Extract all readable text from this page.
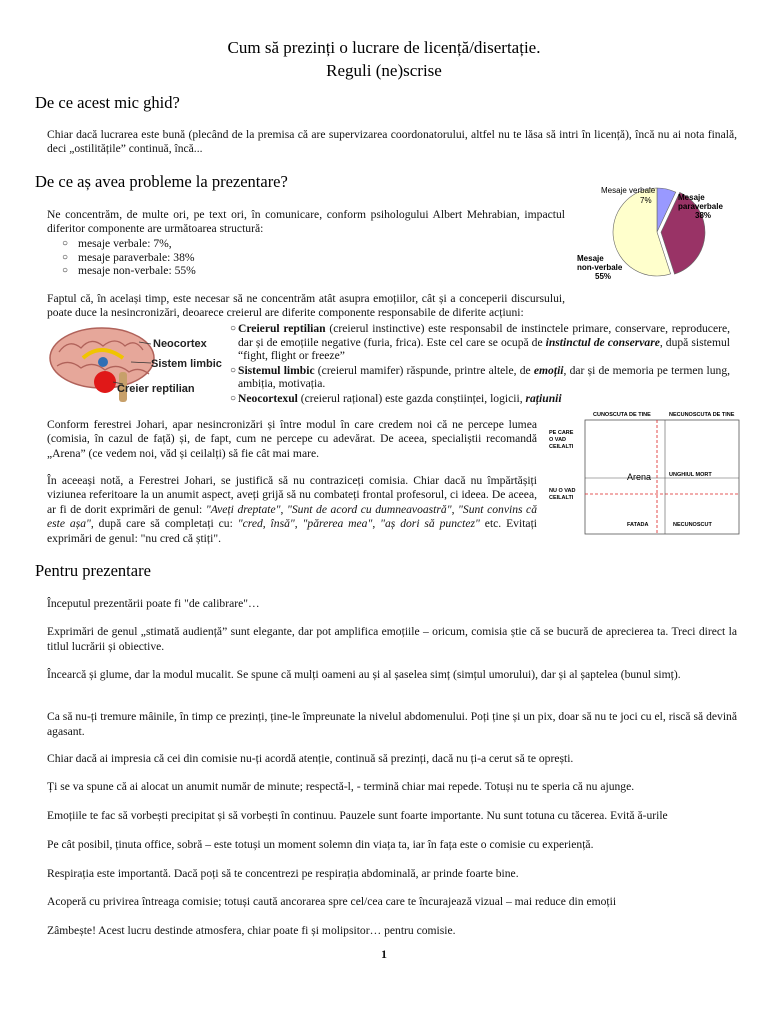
Cum să prezinți o lucrare de licență/disertație.
Reguli (ne)scrise
De ce acest mic ghid?
Chiar dacă lucrarea este bună (plecând de la premisa că are supervizarea coordonatorului, altfel nu te lăsa să intri în licență), încă nu ai nota finală, deci „ostilitățile” continuă, încă...
De ce aș avea probleme la prezentare?
Ne concentrăm, de multe ori, pe text ori, în comunicare, conform psihologului Albert Mehrabian, impactul diferitor componente are următoarea structură:
○ mesaje verbale: 7%,
○ mesaje paraverbale: 38%
○ mesaje non-verbale: 55%
Mesaje verbale 7%	Mesaje paraverbale 38%
Mesaje non-verbale 55%
Faptul că, în același timp, este necesar să ne concentrăm atât asupra emoțiilor, cât și a conceperii discursului, poate duce la nesincronizări, deoarece creierul are diferite componente responsabile de diferite acțiuni:
Neocortex
Sistem limbic
Creier reptilian
○ Creierul reptilian (creierul instinctive) este responsabil de instinctele primare, conservare, reproducere, dar și de emoțiile negative (furia, frica). Este cel care se ocupă de instinctul de conservare, după sistemul “fight, flight or freeze”
○ Sistemul limbic (creierul mamifer) răspunde, printre altele, de emoții, dar și de memoria pe termen lung, ambiția, motivația.
○ Neocortexul (creierul rațional) este gazda conștiinței, logicii, rațiunii
Conform ferestrei Johari, apar nesincronizări și între modul în care credem noi că ne percepe lumea (comisia, în cazul de față) și, de fapt, cum ne percepe cu adevărat. De aceea, specialiștii recomandă „Arena” (ce vedem noi, văd și ceilalți) să fie cât mai mare.
În aceeași notă, a Ferestrei Johari, se justifică să nu contraziceți comisia. Chiar dacă nu împărtășiți viziunea referitoare la un anumit aspect, aveți grijă să nu combateți frontal profesorul, ci ideea. De aceea, ar fi de dorit exprimări de genul: "Aveți dreptate", "Sunt de acord cu dumneavoastră", "Sunt convins că este așa", după care să completați cu: "cred, însă", "părerea mea", "aș dori să punctez" etc. Evitați exprimări de genul: "nu cred că știți".
CUNOSCUTA DE TINE	NECUNOSCUTA DE TINE
PE CARE O VAD CEILALTI
NU O VAD CEILALTI
Arena	UNGHIUL MORT
FATADA	NECUNOSCUT
Pentru prezentare
Începutul prezentării poate fi "de calibrare"…
Exprimări de genul „stimată audiență” sunt elegante, dar pot amplifica emoțiile – oricum, comisia știe că se bucură de aprecierea ta. Treci direct la titlul lucrării și obiective.
Încearcă și glume, dar la modul mucalit. Se spune că mulți oameni au și al șaselea simț (simțul umorului), dar și al șaptelea (bunul simț).
Ca să nu-ți tremure mâinile, în timp ce prezinți, ține-le împreunate la nivelul abdomenului. Poți ține și un pix, doar să nu te joci cu el, riscă să devină agasant.
Chiar dacă ai impresia că cei din comisie nu-ți acordă atenție, continuă să prezinți, dacă nu ți-a cerut să te oprești.
Ți se va spune că ai alocat un anumit număr de minute; respectă-l, - termină chiar mai repede. Totuși nu te speria că nu ajunge.
Emoțiile te fac să vorbești precipitat și să vorbești în continuu. Pauzele sunt foarte importante. Nu sunt totuna cu tăcerea. Evită ă-urile
Pe cât posibil, ținuta office, sobră – este totuși un moment solemn din viața ta, iar în fața este o comisie cu experiență.
Respirația este importantă. Dacă poți să te concentrezi pe respirația abdominală, ar prinde foarte bine.
Acoperă cu privirea întreaga comisie; totuși caută ancorarea spre cel/cea care te încurajează vizual – mai reduce din emoții
Zâmbește! Acest lucru destinde atmosfera, chiar poate fi și molipsitor… pentru comisie.
1
